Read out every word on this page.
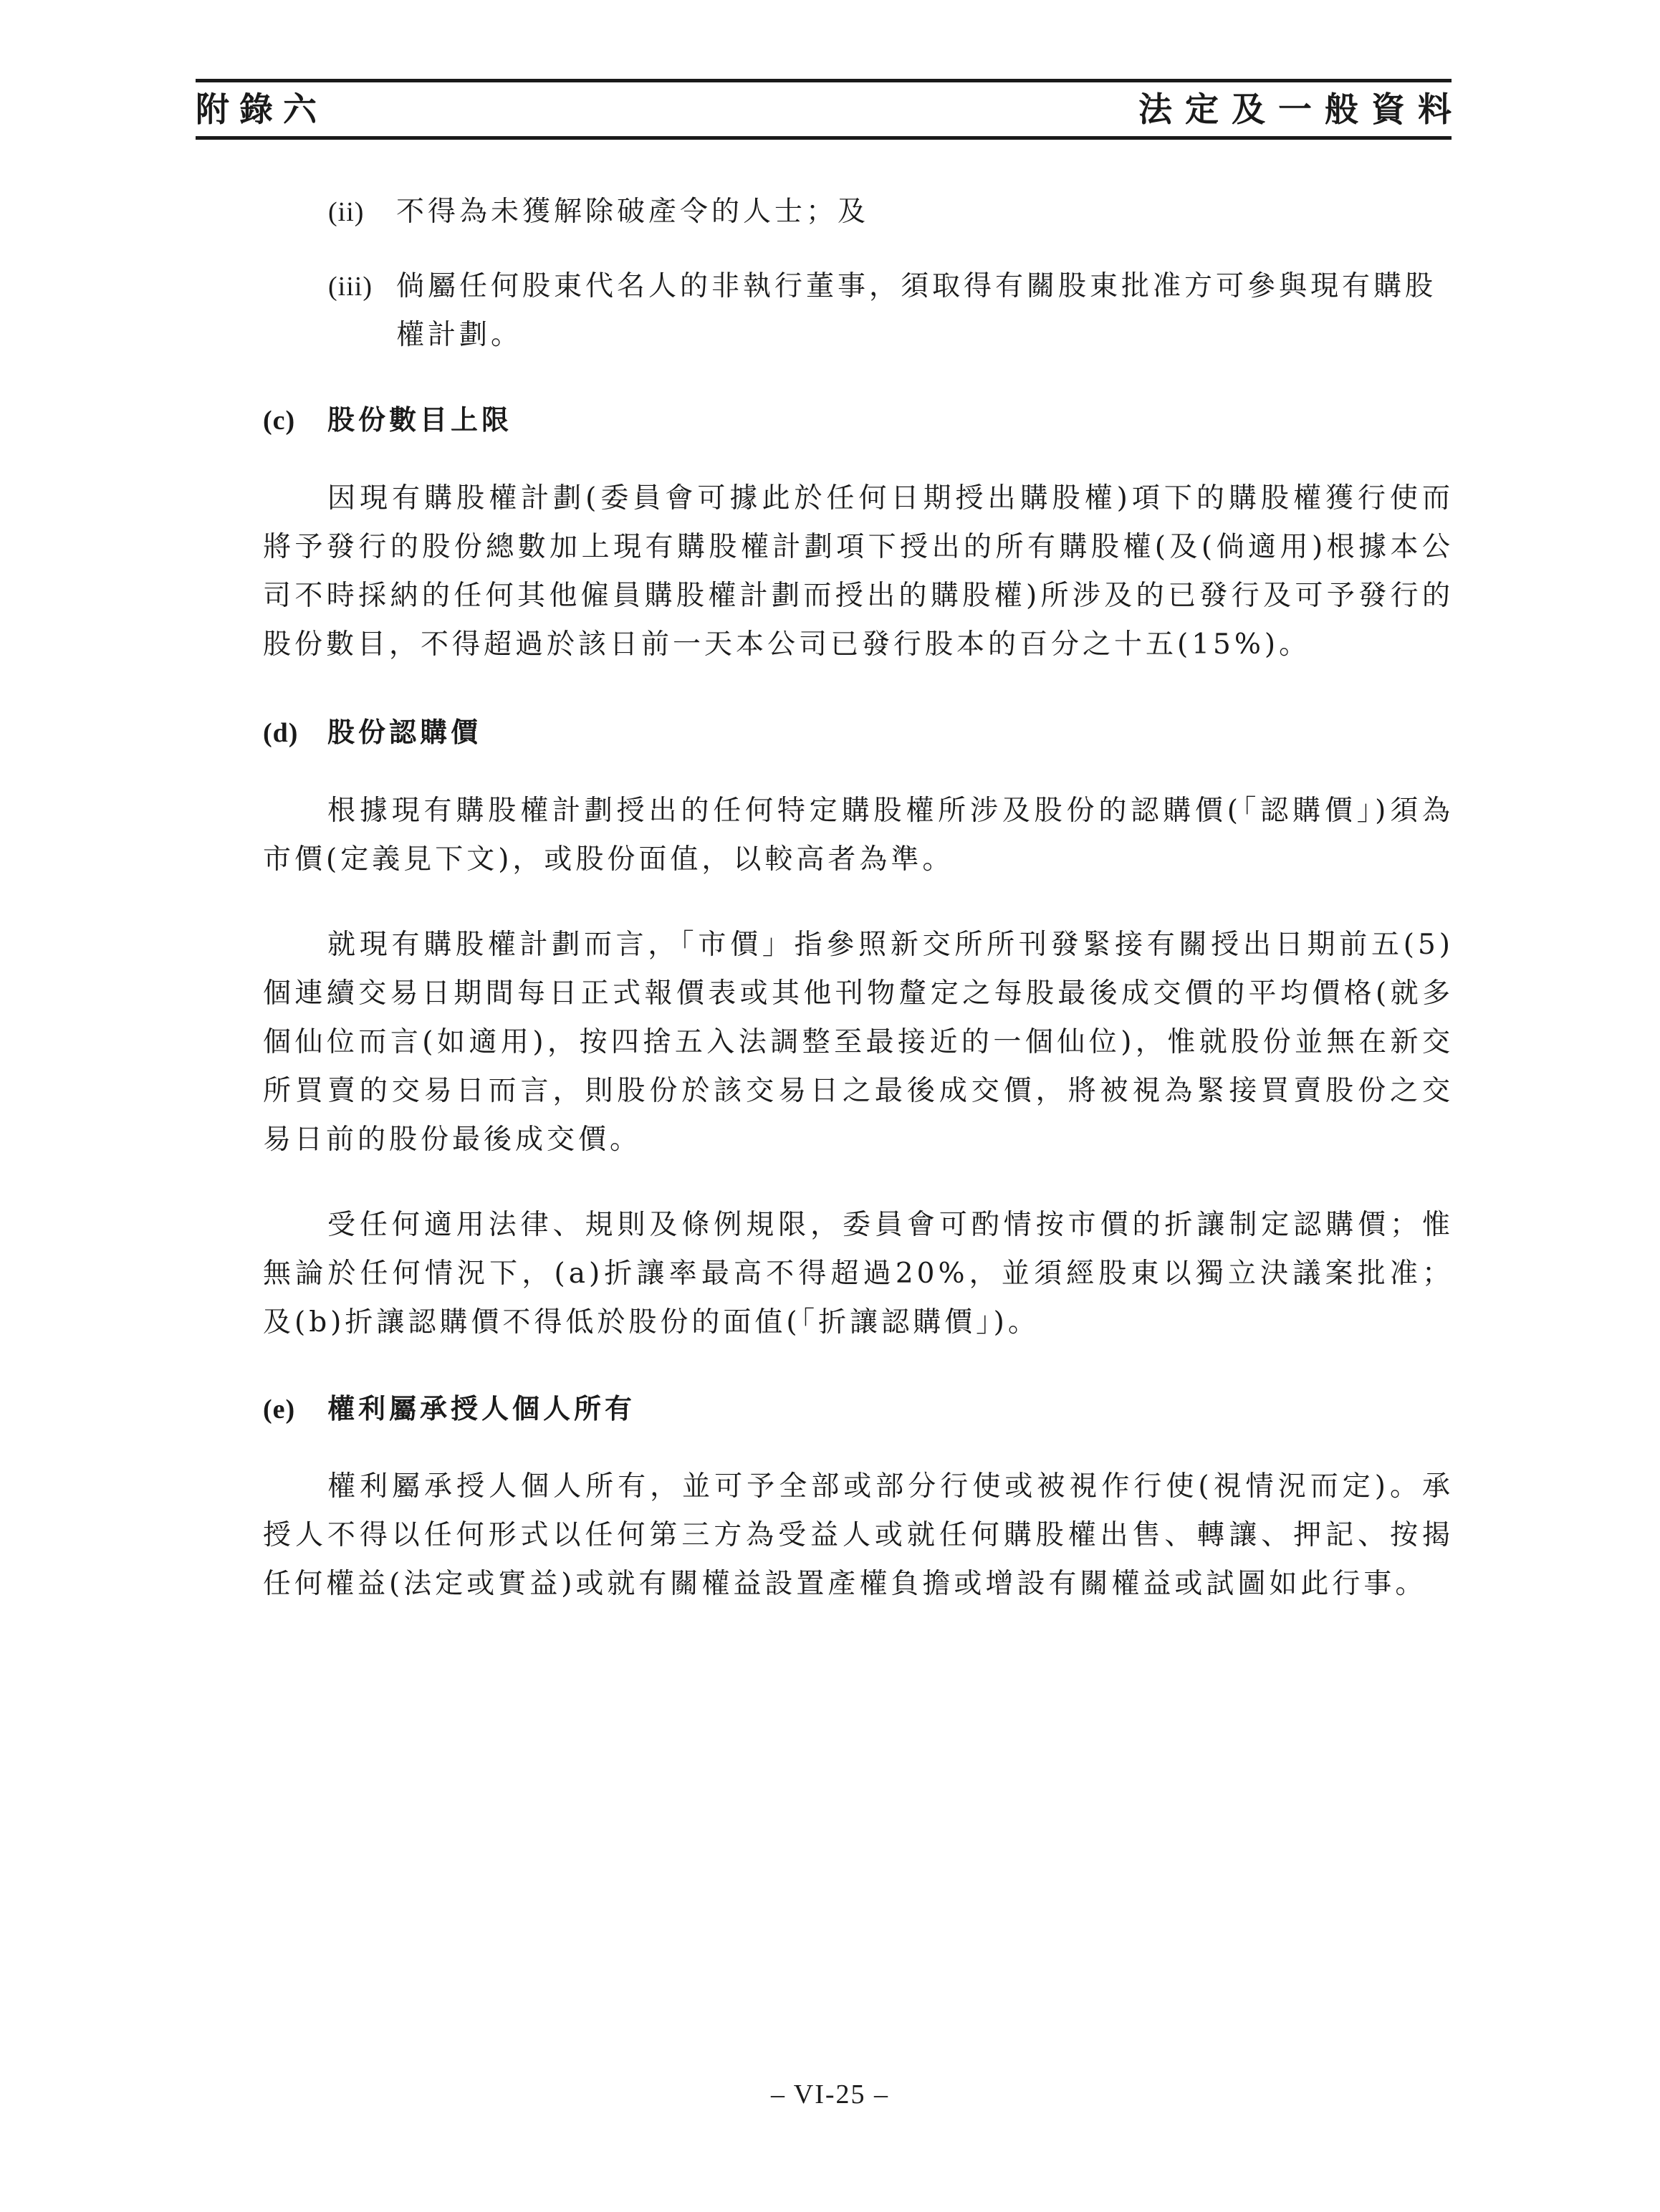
附錄六	法定及一般資料
(ii) 不得為未獲解除破產令的人士；及
(iii) 倘屬任何股東代名人的非執行董事，須取得有關股東批准方可參與現有購股權計劃。
(c) 股份數目上限
因現有購股權計劃(委員會可據此於任何日期授出購股權)項下的購股權獲行使而將予發行的股份總數加上現有購股權計劃項下授出的所有購股權(及(倘適用)根據本公司不時採納的任何其他僱員購股權計劃而授出的購股權)所涉及的已發行及可予發行的股份數目，不得超過於該日前一天本公司已發行股本的百分之十五(15%)。
(d) 股份認購價
根據現有購股權計劃授出的任何特定購股權所涉及股份的認購價(「認購價」)須為市價(定義見下文)，或股份面值，以較高者為準。
就現有購股權計劃而言，「市價」指參照新交所所刊發緊接有關授出日期前五(5)個連續交易日期間每日正式報價表或其他刊物釐定之每股最後成交價的平均價格(就多個仙位而言(如適用)，按四捨五入法調整至最接近的一個仙位)，惟就股份並無在新交所買賣的交易日而言，則股份於該交易日之最後成交價，將被視為緊接買賣股份之交易日前的股份最後成交價。
受任何適用法律、規則及條例規限，委員會可酌情按市價的折讓制定認購價；惟無論於任何情況下，(a)折讓率最高不得超過20%，並須經股東以獨立決議案批准；及(b)折讓認購價不得低於股份的面值(「折讓認購價」)。
(e) 權利屬承授人個人所有
權利屬承授人個人所有，並可予全部或部分行使或被視作行使(視情況而定)。承授人不得以任何形式以任何第三方為受益人或就任何購股權出售、轉讓、押記、按揭任何權益(法定或實益)或就有關權益設置產權負擔或增設有關權益或試圖如此行事。
– VI-25 –
